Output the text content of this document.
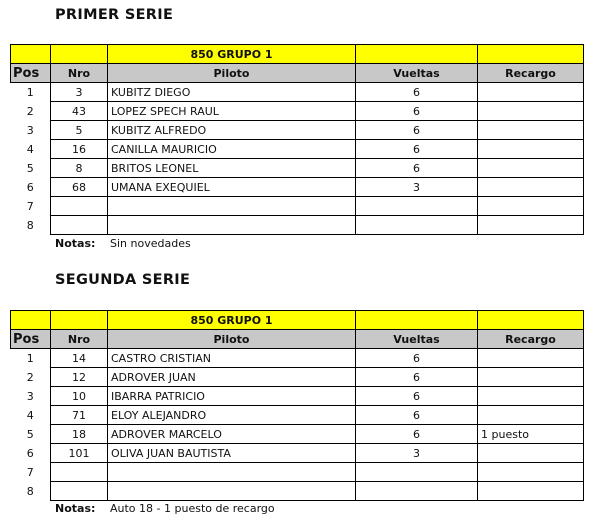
PRIMER SERIE
		850 GRUPO 1		
Pos	Nro	Piloto	Vueltas	Recargo
1	3	KUBITZ DIEGO	6	
2	43	LOPEZ SPECH RAUL	6	
3	5	KUBITZ ALFREDO	6	
4	16	CANILLA MAURICIO	6	
5	8	BRITOS LEONEL	6	
6	68	UMANA EXEQUIEL	3	
7				
8				
Notas: Sin novedades
SEGUNDA SERIE
		850 GRUPO 1		
Pos	Nro	Piloto	Vueltas	Recargo
1	14	CASTRO CRISTIAN	6	
2	12	ADROVER JUAN	6	
3	10	IBARRA PATRICIO	6	
4	71	ELOY ALEJANDRO	6	
5	18	ADROVER MARCELO	6	1 puesto
6	101	OLIVA JUAN BAUTISTA	3	
7				
8				
Notas: Auto 18 - 1 puesto de recargo
